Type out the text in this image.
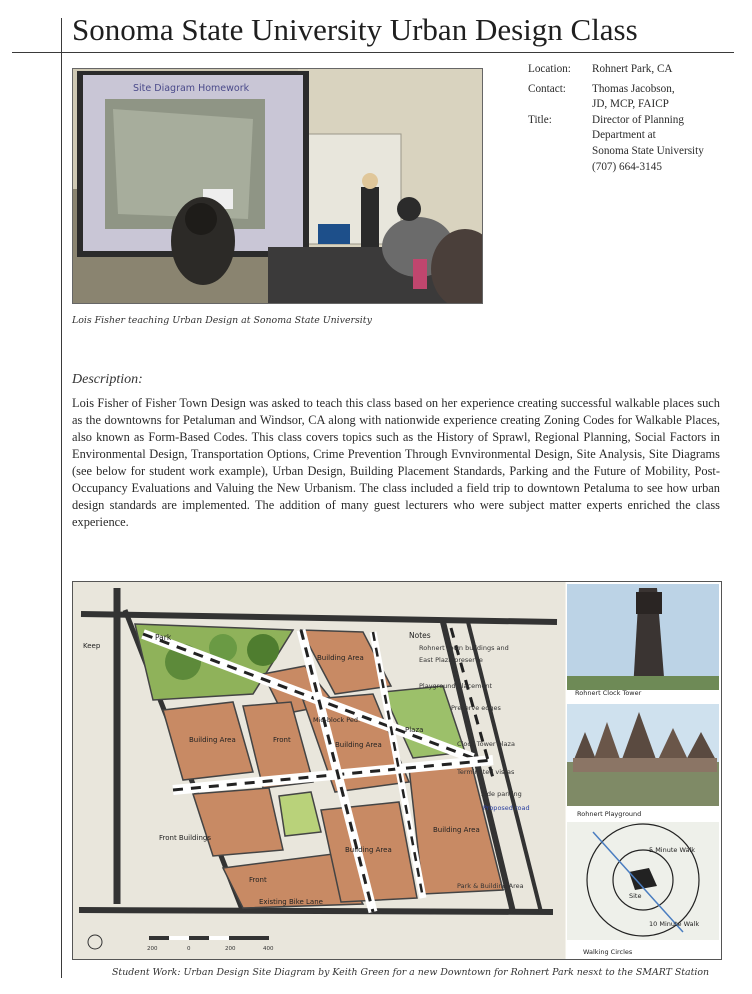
Sonoma State University Urban Design Class
Site Diagram Homework
Lois Fisher teaching Urban Design at Sonoma State University
Location:	Rohnert Park, CA
Contact:	Thomas Jacobson,
JD, MCP, FAICP
Title:	Director of Planning
Department at
Sonoma State University
(707) 664-3145
Description:

Lois Fisher of Fisher Town Design was asked to teach this class based on her experience creating successful walkable places such as the downtowns for Petaluman and Windsor, CA along with nationwide experience creating Zoning Codes for Walkable Places, also known as Form-Based Codes. This class covers topics such as the History of Sprawl, Regional Planning, Social Factors in Environmental Design, Transportation Options, Crime Prevention Through Evnvironmental Design, Site Analysis, Site Diagrams (see below for student work example), Urban Design, Building Placement Standards, Parking and the Future of Mobility, Post-Occupancy Evaluations and Valuing the New Urbanism. The class included a field trip to downtown Petaluma to see how urban design standards are implemented. The addition of many guest lecturers who were subject matter experts enriched the class experience.

Park
Building Area
Building Area
Building Area
Building Area
Building Area
Front
Front
Plaza
Keep
Existing Bike Lane
Front Buildings
Mid-block Ped.
Notes
Rohnert Town buildings and
East Plaza preserve
Playground placement
Preserve edges
Clock Tower plaza
Terminated vistas
Side parking
Proposed road
Park & Building Area
200	0	200	400
Rohnert Clock Tower
Rohnert Playground
Site
5 Minute Walk
10 Minute Walk
Walking Circles
Student Work: Urban Design Site Diagram by Keith Green for a new Downtown for Rohnert Park nesxt to the SMART Station
